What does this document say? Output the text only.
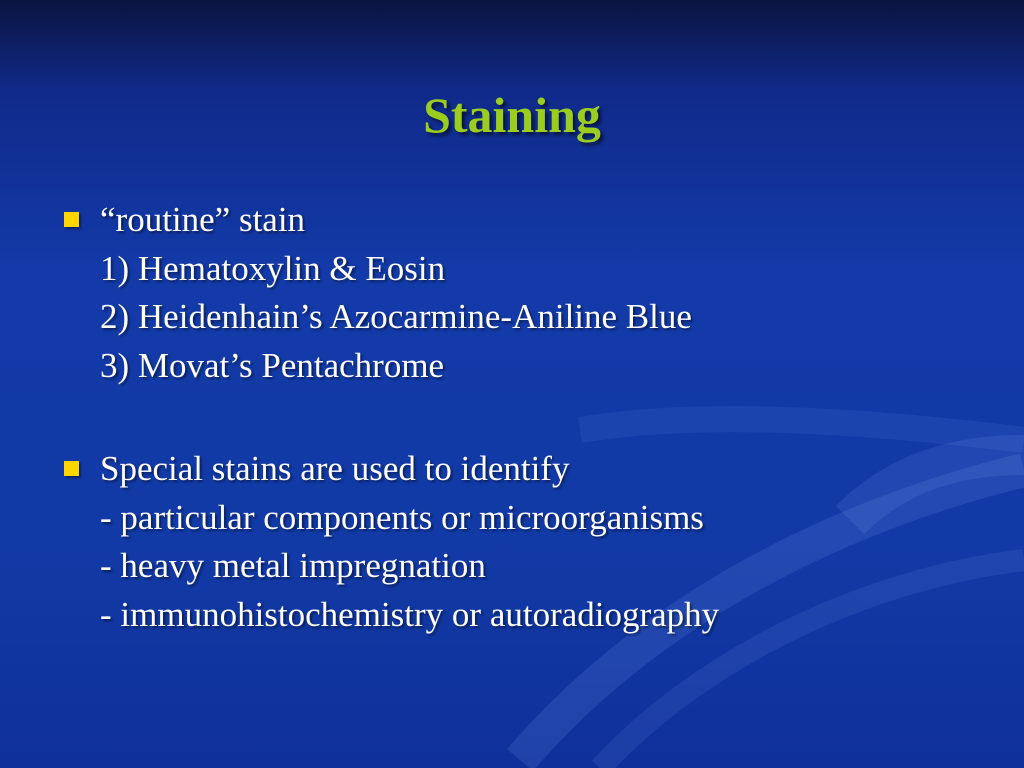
Staining
“routine” stain
1) Hematoxylin & Eosin
2) Heidenhain’s Azocarmine-Aniline Blue
3) Movat’s Pentachrome
Special stains are used to identify
- particular components or microorganisms
- heavy metal impregnation
- immunohistochemistry or autoradiography
